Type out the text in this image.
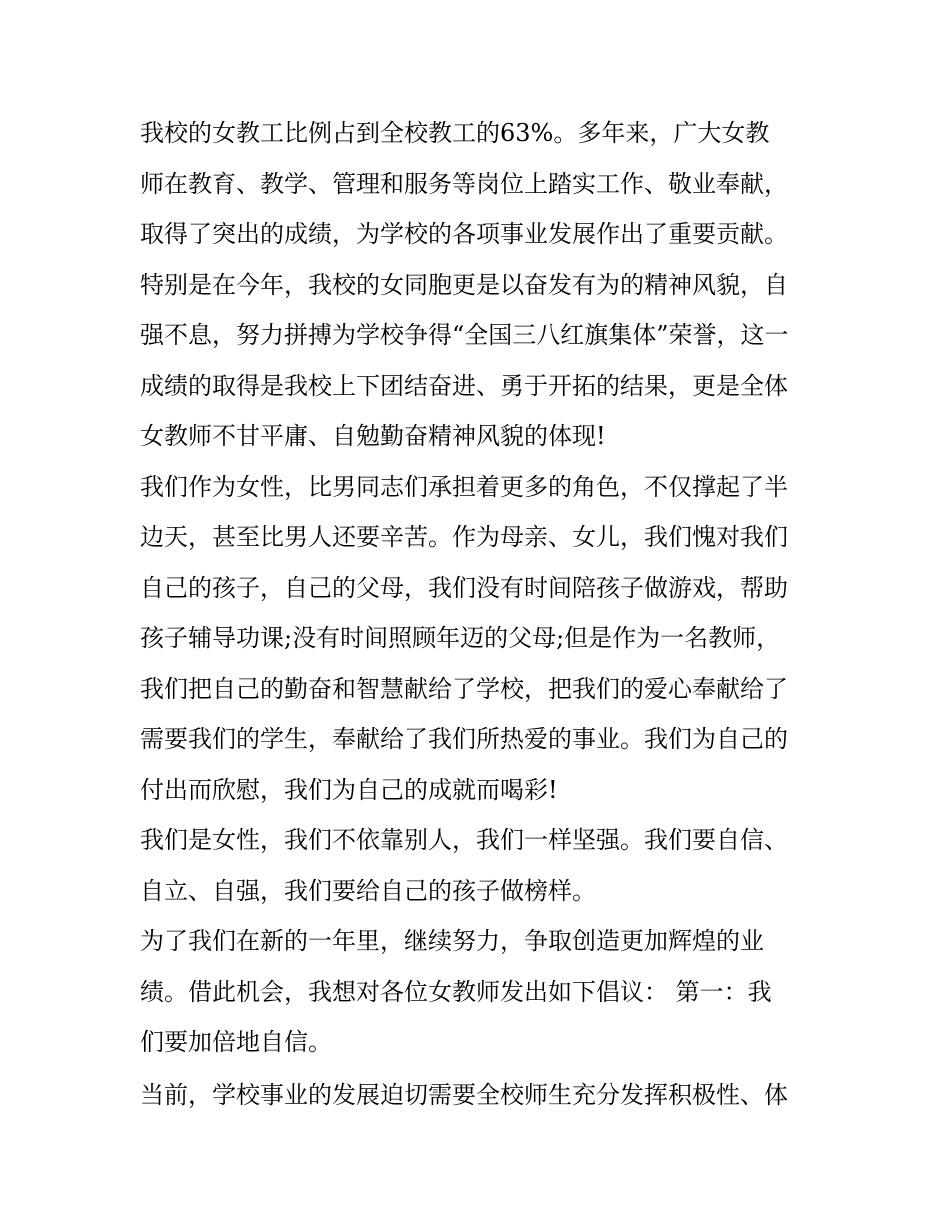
我校的女教工比例占到全校教工的63%。多年来，广大女教
师在教育、教学、管理和服务等岗位上踏实工作、敬业奉献，
取得了突出的成绩，为学校的各项事业发展作出了重要贡献。
特别是在今年，我校的女同胞更是以奋发有为的精神风貌，自
强不息，努力拼搏为学校争得“全国三八红旗集体”荣誉，这一
成绩的取得是我校上下团结奋进、勇于开拓的结果，更是全体
女教师不甘平庸、自勉勤奋精神风貌的体现!
我们作为女性，比男同志们承担着更多的角色，不仅撑起了半
边天，甚至比男人还要辛苦。作为母亲、女儿，我们愧对我们
自己的孩子，自己的父母，我们没有时间陪孩子做游戏，帮助
孩子辅导功课;没有时间照顾年迈的父母;但是作为一名教师，
我们把自己的勤奋和智慧献给了学校，把我们的爱心奉献给了
需要我们的学生，奉献给了我们所热爱的事业。我们为自己的
付出而欣慰，我们为自己的成就而喝彩!
我们是女性，我们不依靠别人，我们一样坚强。我们要自信、
自立、自强，我们要给自己的孩子做榜样。
为了我们在新的一年里，继续努力，争取创造更加辉煌的业
绩。借此机会，我想对各位女教师发出如下倡议： 第一：我
们要加倍地自信。
当前，学校事业的发展迫切需要全校师生充分发挥积极性、体
